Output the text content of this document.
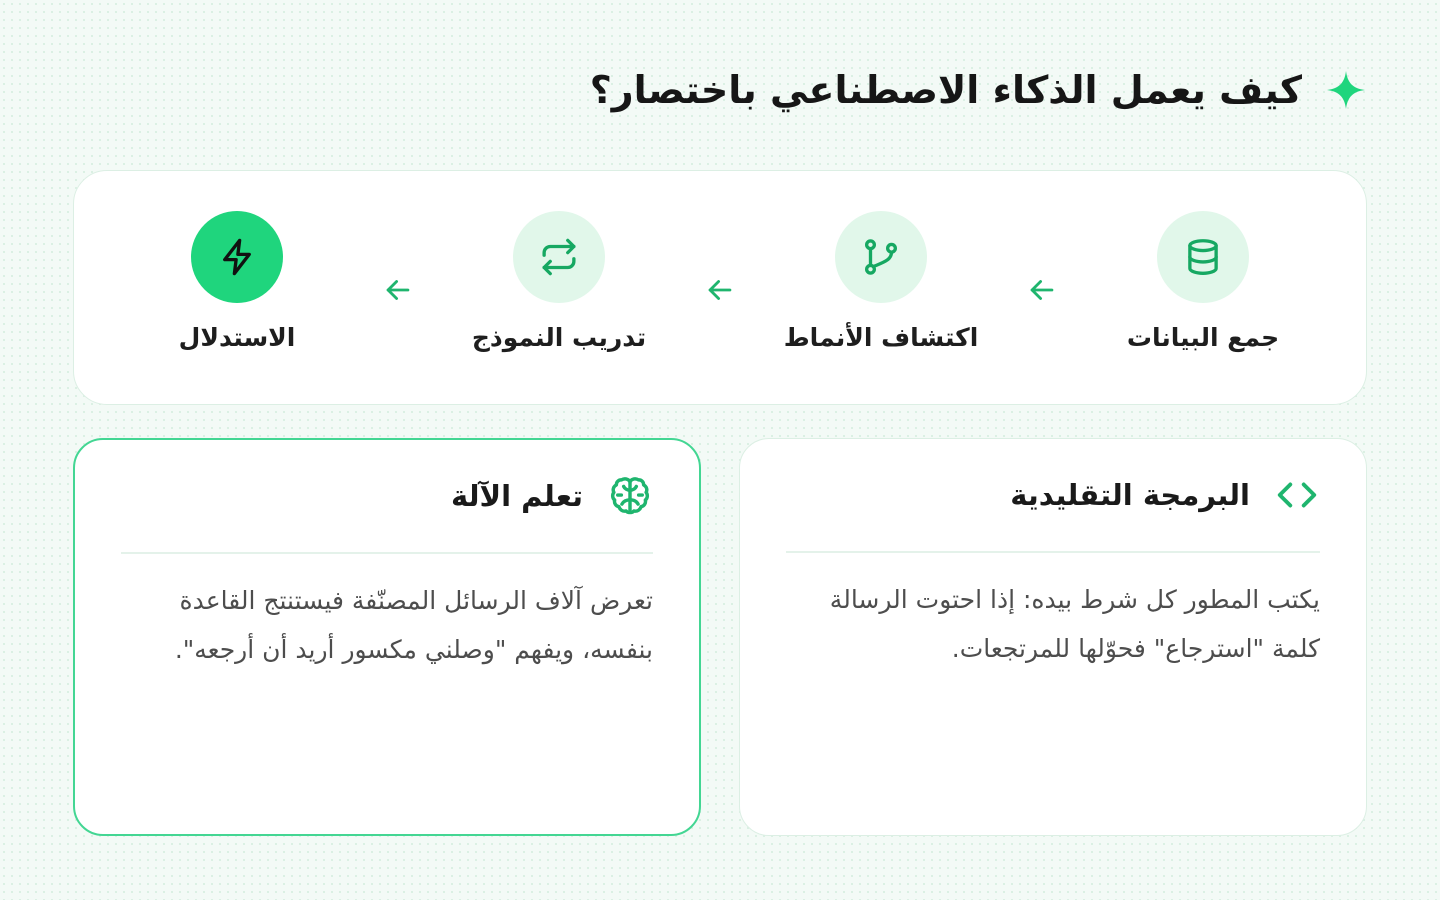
كيف يعمل الذكاء الاصطناعي باختصار؟
جمع البيانات
اكتشاف الأنماط
تدريب النموذج
الاستدلال
البرمجة التقليدية

يكتب المطور كل شرط بيده: إذا احتوت الرسالة كلمة "استرجاع" فحوّلها للمرتجعات.

تعلم الآلة

تعرض آلاف الرسائل المصنّفة فيستنتج القاعدة بنفسه، ويفهم "وصلني مكسور أريد أن أرجعه".
